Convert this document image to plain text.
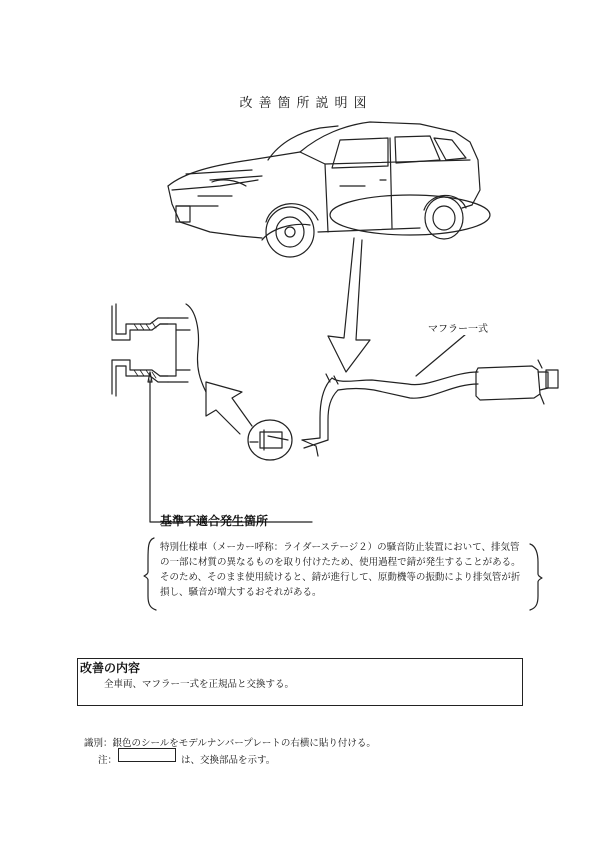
改善箇所説明図
マフラー一式
基準不適合発生箇所
特別仕様車（メーカー呼称：ライダーステージ２）の騒音防止装置において、排気管の一部に材質の異なるものを取り付けたため、使用過程で錆が発生することがある。そのため、そのまま使用続けると、錆が進行して、原動機等の振動により排気管が折損し、騒音が増大するおそれがある。
改善の内容
全車両、マフラー一式を正規品と交換する。
識別：銀色のシールをモデルナンバープレートの右横に貼り付ける。
注：	は、交換部品を示す。
